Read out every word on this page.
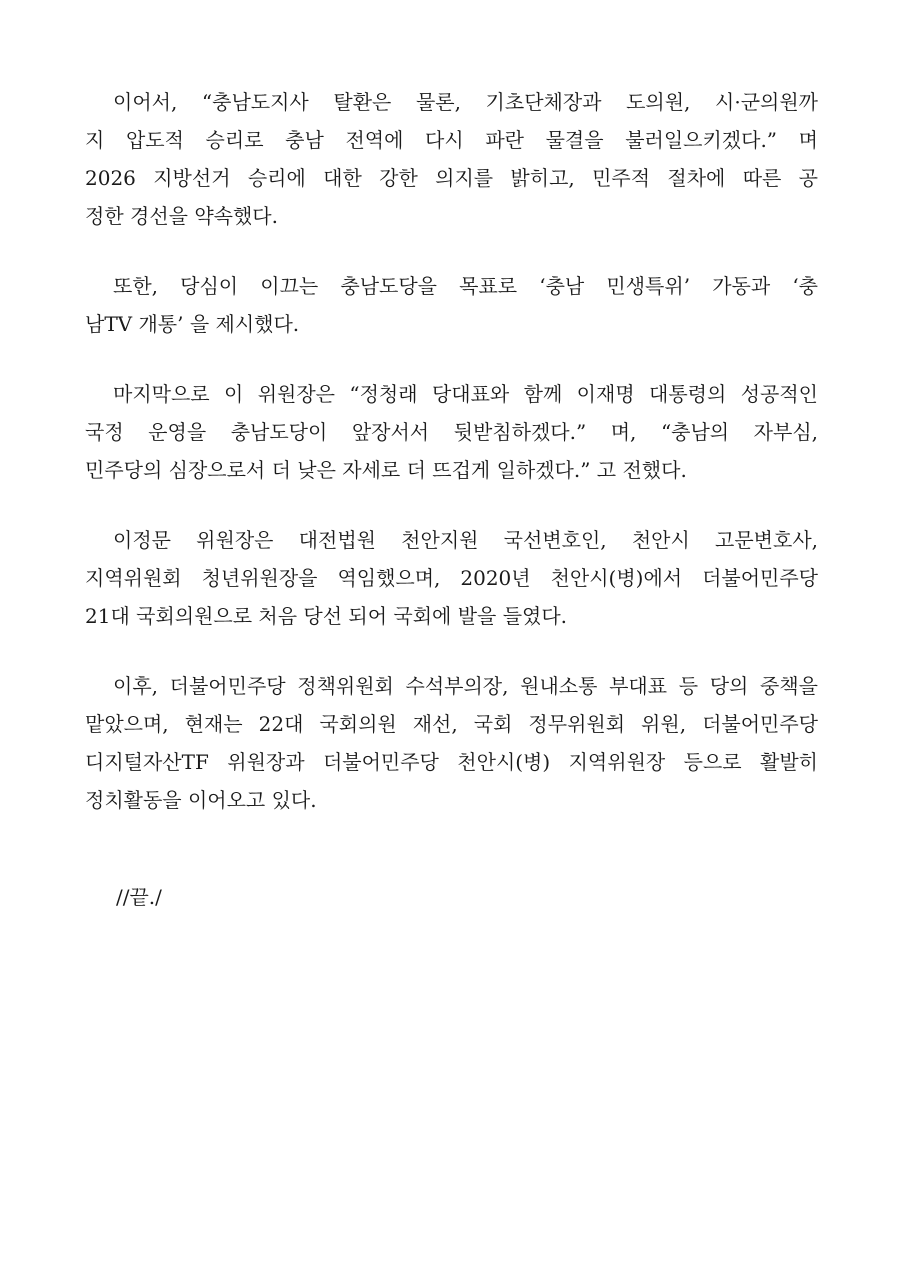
이어서, “충남도지사 탈환은 물론, 기초단체장과 도의원, 시·군의원까
지 압도적 승리로 충남 전역에 다시 파란 물결을 불러일으키겠다.” 며
2026 지방선거 승리에 대한 강한 의지를 밝히고, 민주적 절차에 따른 공
정한 경선을 약속했다.

또한, 당심이 이끄는 충남도당을 목표로 ‘충남 민생특위’ 가동과 ‘충
남TV 개통’ 을 제시했다.

마지막으로 이 위원장은 “정청래 당대표와 함께 이재명 대통령의 성공적인
국정 운영을 충남도당이 앞장서서 뒷받침하겠다.” 며, “충남의 자부심,
민주당의 심장으로서 더 낮은 자세로 더 뜨겁게 일하겠다.” 고 전했다.

이정문 위원장은 대전법원 천안지원 국선변호인, 천안시 고문변호사,
지역위원회 청년위원장을 역임했으며, 2020년 천안시(병)에서 더불어민주당
21대 국회의원으로 처음 당선 되어 국회에 발을 들였다.

이후, 더불어민주당 정책위원회 수석부의장, 원내소통 부대표 등 당의 중책을
맡았으며, 현재는 22대 국회의원 재선, 국회 정무위원회 위원, 더불어민주당
디지털자산TF 위원장과 더불어민주당 천안시(병) 지역위원장 등으로 활발히
정치활동을 이어오고 있다.

//끝./
